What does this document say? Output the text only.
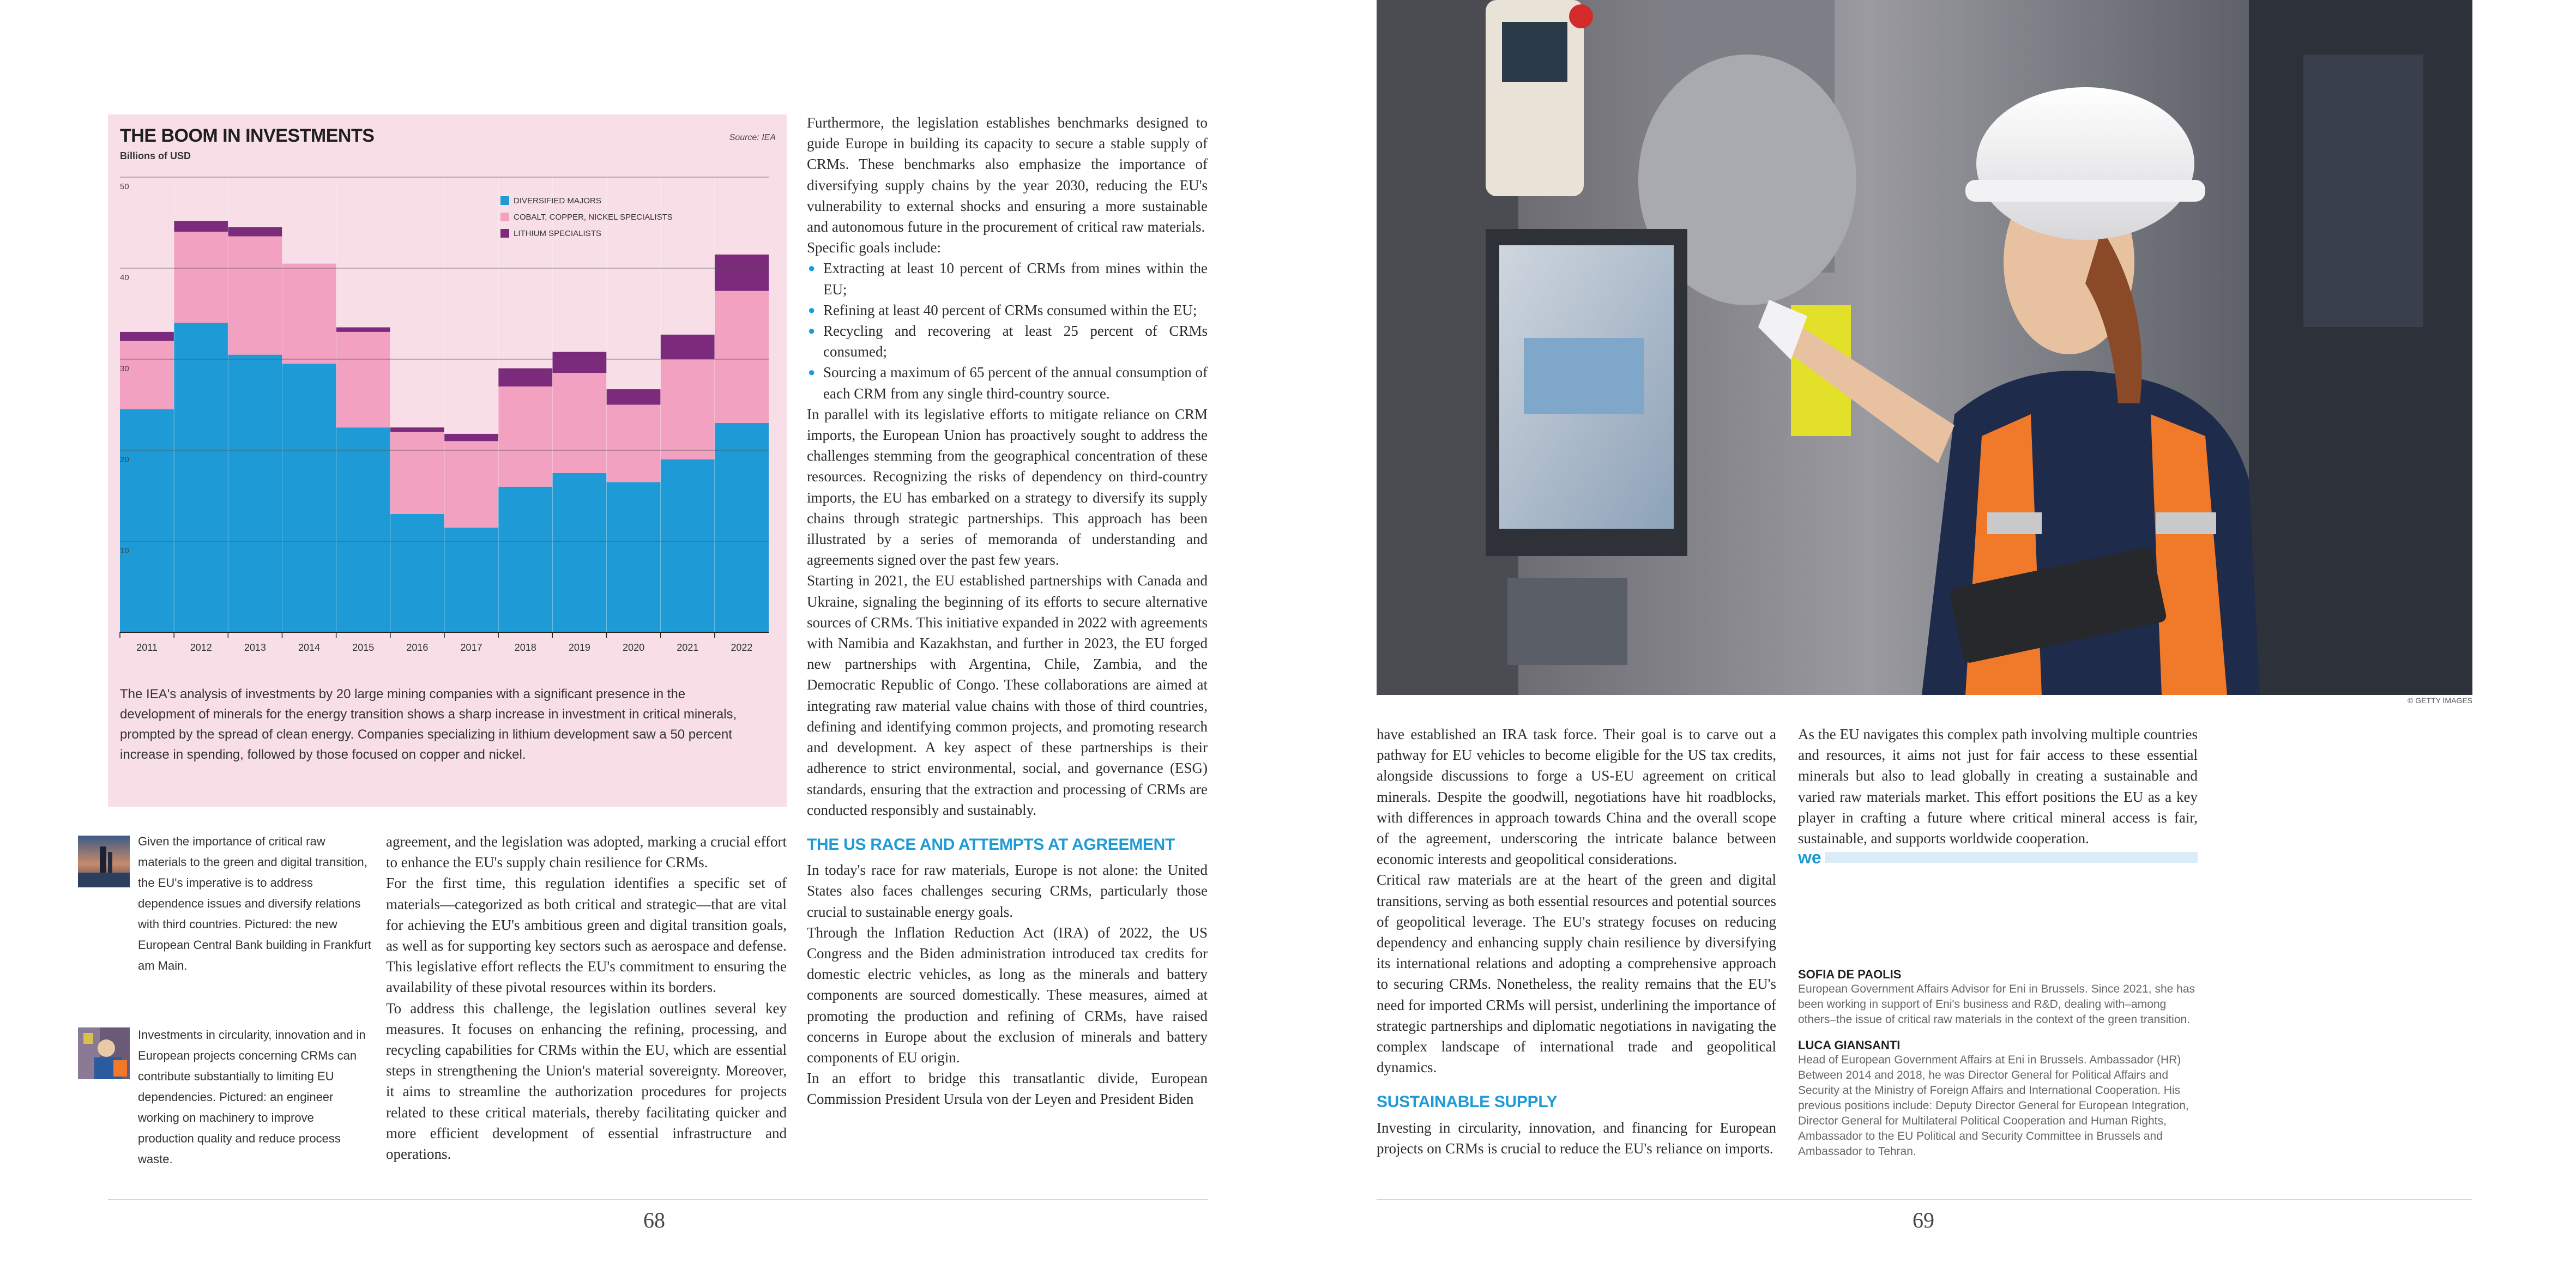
50
40
30
20
10
2011	2012	2013	2014	2015	2016	2017	2018	2019	2020	2021	2022
THE BOOM IN INVESTMENTS
Billions of USD
Source: IEA
DIVERSIFIED MAJORS
COBALT, COPPER, NICKEL SPECIALISTS
LITHIUM SPECIALISTS
The IEA's analysis of investments by 20 large mining companies with a significant presence in the development of minerals for the energy transition shows a sharp increase in investment in critical minerals, prompted by the spread of clean energy. Companies specializing in lithium development saw a 50 percent increase in spending, followed by those focused on copper and nickel.
Given the importance of critical raw materials to the green and digital transition, the EU's imperative is to address dependence issues and diversify relations with third countries. Pictured: the new European Central Bank building in Frankfurt am Main.
Investments in circularity, innovation and in European projects concerning CRMs can contribute substantially to limiting EU dependencies. Pictured: an engineer working on machinery to improve production quality and reduce process waste.

agreement, and the legislation was adopted, marking a crucial effort to enhance the EU's supply chain resilience for CRMs.

For the first time, this regulation identifies a specific set of materials—categorized as both critical and strategic—that are vital for achieving the EU's ambitious green and digital transition goals, as well as for supporting key sectors such as aerospace and defense. This legislative effort reflects the EU's commitment to ensuring the availability of these pivotal resources within its borders.

To address this challenge, the legislation outlines several key measures. It focuses on enhancing the refining, processing, and recycling capabilities for CRMs within the EU, which are essential steps in strengthening the Union's material sovereignty. Moreover, it aims to streamline the authorization procedures for projects related to these critical materials, thereby facilitating quicker and more efficient development of essential infrastructure and operations.

Furthermore, the legislation establishes benchmarks designed to guide Europe in building its capacity to secure a stable supply of CRMs. These benchmarks also emphasize the importance of diversifying supply chains by the year 2030, reducing the EU's vulnerability to external shocks and ensuring a more sustainable and autonomous future in the procurement of critical raw materials.

Specific goals include:

● Extracting at least 10 percent of CRMs from mines within the EU;
● Refining at least 40 percent of CRMs consumed within the EU;
● Recycling and recovering at least 25 percent of CRMs consumed;
● Sourcing a maximum of 65 percent of the annual consumption of each CRM from any single third-country source.

In parallel with its legislative efforts to mitigate reliance on CRM imports, the European Union has proactively sought to address the challenges stemming from the geographical concentration of these resources. Recognizing the risks of dependency on third-country imports, the EU has embarked on a strategy to diversify its supply chains through strategic partnerships. This approach has been illustrated by a series of memoranda of understanding and agreements signed over the past few years.

Starting in 2021, the EU established partnerships with Canada and Ukraine, signaling the beginning of its efforts to secure alternative sources of CRMs. This initiative expanded in 2022 with agreements with Namibia and Kazakhstan, and further in 2023, the EU forged new partnerships with Argentina, Chile, Zambia, and the Democratic Republic of Congo. These collaborations are aimed at integrating raw material value chains with those of third countries, defining and identifying common projects, and promoting research and development. A key aspect of these partnerships is their adherence to strict environmental, social, and governance (ESG) standards, ensuring that the extraction and processing of CRMs are conducted responsibly and sustainably.

THE US RACE AND ATTEMPTS AT AGREEMENT

In today's race for raw materials, Europe is not alone: the United States also faces challenges securing CRMs, particularly those crucial to sustainable energy goals.

Through the Inflation Reduction Act (IRA) of 2022, the US Congress and the Biden administration introduced tax credits for domestic electric vehicles, as long as the minerals and battery components are sourced domestically. These measures, aimed at promoting the production and refining of CRMs, have raised concerns in Europe about the exclusion of minerals and battery components of EU origin.

In an effort to bridge this transatlantic divide, European Commission President Ursula von der Leyen and President Biden

68
© GETTY IMAGES

have established an IRA task force. Their goal is to carve out a pathway for EU vehicles to become eligible for the US tax credits, alongside discussions to forge a US-EU agreement on critical minerals. Despite the goodwill, negotiations have hit roadblocks, with differences in approach towards China and the overall scope of the agreement, underscoring the intricate balance between economic interests and geopolitical considerations.

Critical raw materials are at the heart of the green and digital transitions, serving as both essential resources and potential sources of geopolitical leverage. The EU's strategy focuses on reducing dependency and enhancing supply chain resilience by diversifying its international relations and adopting a comprehensive approach to securing CRMs. Nonetheless, the reality remains that the EU's need for imported CRMs will persist, underlining the importance of strategic partnerships and diplomatic negotiations in navigating the complex landscape of international trade and geopolitical dynamics.

SUSTAINABLE SUPPLY

Investing in circularity, innovation, and financing for European projects on CRMs is crucial to reduce the EU's reliance on imports.

As the EU navigates this complex path involving multiple countries and resources, it aims not just for fair access to these essential minerals but also to lead globally in creating a sustainable and varied raw materials market. This effort positions the EU as a key player in crafting a future where critical mineral access is fair, sustainable, and supports worldwide cooperation.

we
SOFIA DE PAOLIS
European Government Affairs Advisor for Eni in Brussels. Since 2021, she has been working in support of Eni's business and R&D, dealing with–among others–the issue of critical raw materials in the context of the green transition.
LUCA GIANSANTI
Head of European Government Affairs at Eni in Brussels. Ambassador (HR) Between 2014 and 2018, he was Director General for Political Affairs and Security at the Ministry of Foreign Affairs and International Cooperation. His previous positions include: Deputy Director General for European Integration, Director General for Multilateral Political Cooperation and Human Rights, Ambassador to the EU Political and Security Committee in Brussels and Ambassador to Tehran.
69
